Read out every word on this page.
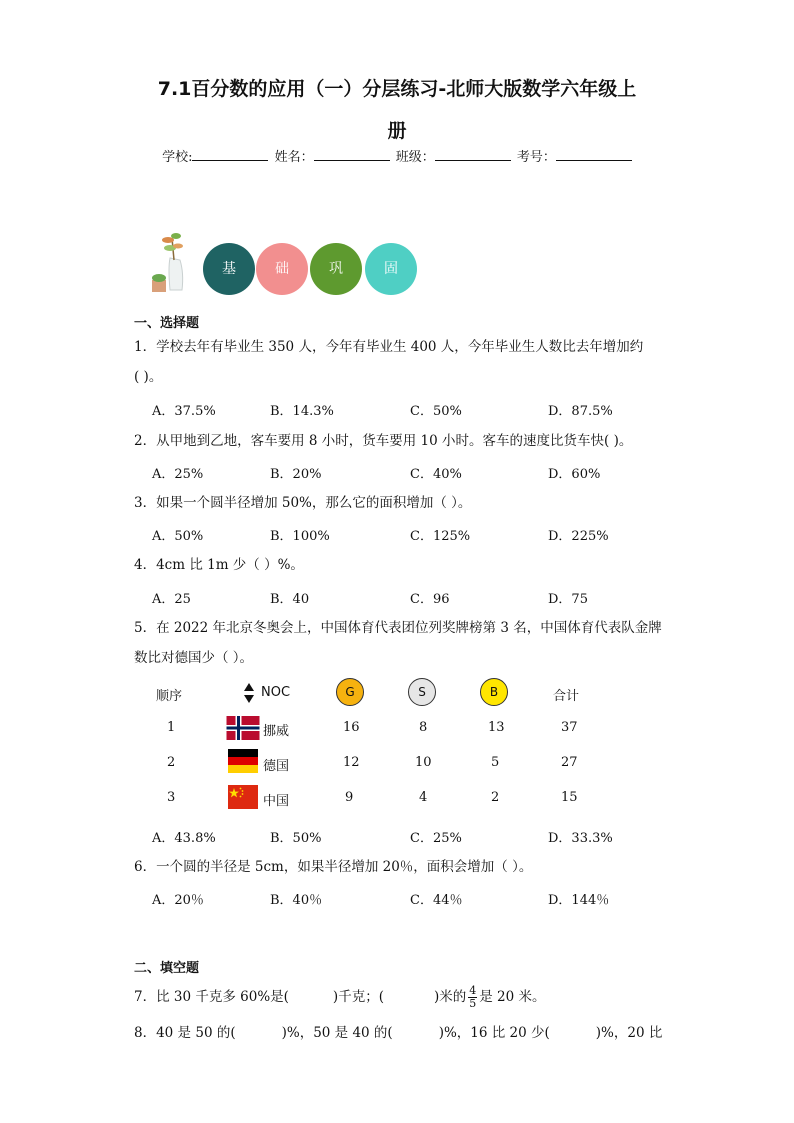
7.1百分数的应用（一）分层练习-北师大版数学六年级上
册
学校:	姓名：	班级：	考号：
基	础	巩	固
一、选择题
1．学校去年有毕业生 350 人，今年有毕业生 400 人，今年毕业生人数比去年增加约
( )。
A．37.5%	B．14.3%	C．50%	D．87.5%
2．从甲地到乙地，客车要用 8 小时，货车要用 10 小时。客车的速度比货车快( )。
A．25%	B．20%	C．40%	D．60%
3．如果一个圆半径增加 50%，那么它的面积增加（ ）。
A．50%	B．100%	C．125%	D．225%
4．4cm 比 1m 少（ ）%。
A．25	B．40	C．96	D．75
5．在 2022 年北京冬奥会上，中国体育代表团位列奖牌榜第 3 名，中国体育代表队金牌
数比对德国少（ ）。
顺序	NOC	G	S	B	合计
1	挪威	16	8	13	37
2	德国	12	10	5	27
3	中国	9	4	2	15
A．43.8%	B．50%	C．25%	D．33.3%
6．一个圆的半径是 5cm，如果半径增加 20％，面积会增加（ ）。
A．20％	B．40％	C．44％	D．144％
二、填空题
7．比 30 千克多 60%是(	)千克；(	)米的 $\frac{4}{5}$ 是 20 米。
8．40 是 50 的(	)%，50 是 40 的(	)%，16 比 20 少(	)%，20 比
